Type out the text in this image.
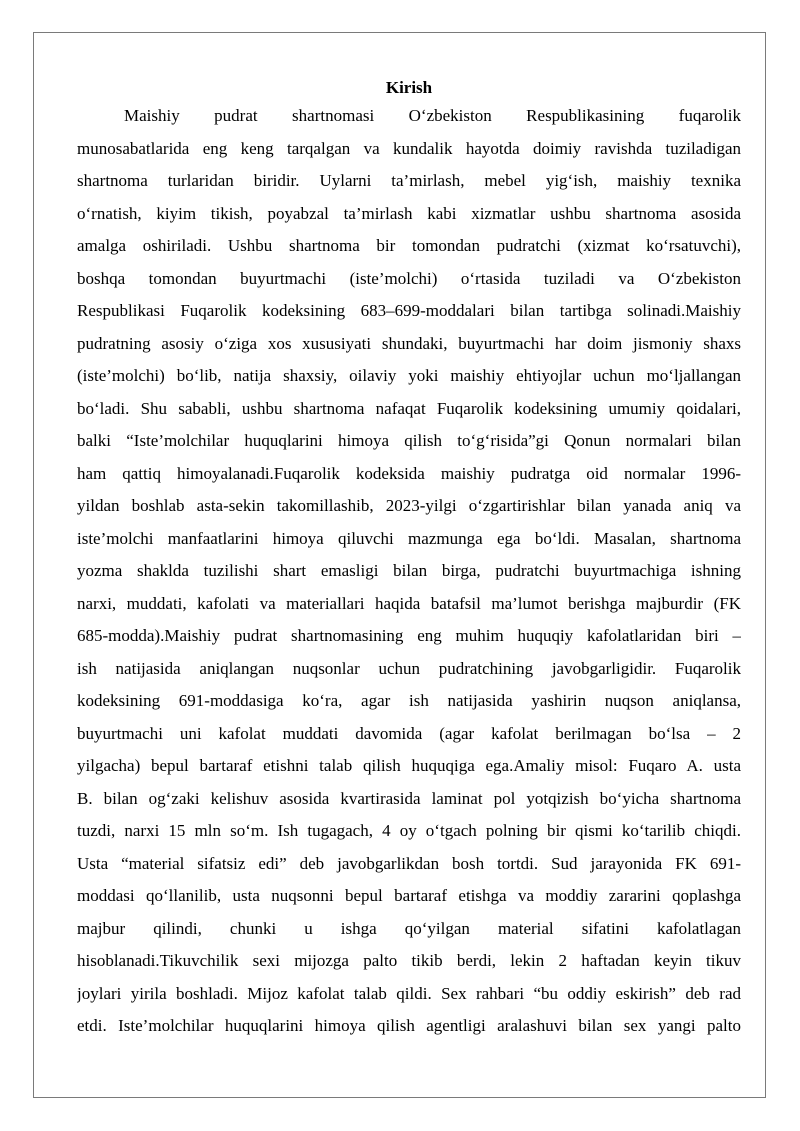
Kirish
Maishiy pudrat shartnomasi O‘zbekiston Respublikasining fuqarolik
munosabatlarida eng keng tarqalgan va kundalik hayotda doimiy ravishda tuziladigan
shartnoma turlaridan biridir. Uylarni ta’mirlash, mebel yig‘ish, maishiy texnika
o‘rnatish, kiyim tikish, poyabzal ta’mirlash kabi xizmatlar ushbu shartnoma asosida
amalga oshiriladi. Ushbu shartnoma bir tomondan pudratchi (xizmat ko‘rsatuvchi),
boshqa tomondan buyurtmachi (iste’molchi) o‘rtasida tuziladi va O‘zbekiston
Respublikasi Fuqarolik kodeksining 683–699-moddalari bilan tartibga solinadi.Maishiy
pudratning asosiy o‘ziga xos xususiyati shundaki, buyurtmachi har doim jismoniy shaxs
(iste’molchi) bo‘lib, natija shaxsiy, oilaviy yoki maishiy ehtiyojlar uchun mo‘ljallangan
bo‘ladi. Shu sababli, ushbu shartnoma nafaqat Fuqarolik kodeksining umumiy qoidalari,
balki “Iste’molchilar huquqlarini himoya qilish to‘g‘risida”gi Qonun normalari bilan
ham qattiq himoyalanadi.Fuqarolik kodeksida maishiy pudratga oid normalar 1996-
yildan boshlab asta-sekin takomillashib, 2023-yilgi o‘zgartirishlar bilan yanada aniq va
iste’molchi manfaatlarini himoya qiluvchi mazmunga ega bo‘ldi. Masalan, shartnoma
yozma shaklda tuzilishi shart emasligi bilan birga, pudratchi buyurtmachiga ishning
narxi, muddati, kafolati va materiallari haqida batafsil ma’lumot berishga majburdir (FK
685-modda).Maishiy pudrat shartnomasining eng muhim huquqiy kafolatlaridan biri –
ish natijasida aniqlangan nuqsonlar uchun pudratchining javobgarligidir. Fuqarolik
kodeksining 691-moddasiga ko‘ra, agar ish natijasida yashirin nuqson aniqlansa,
buyurtmachi uni kafolat muddati davomida (agar kafolat berilmagan bo‘lsa – 2
yilgacha) bepul bartaraf etishni talab qilish huquqiga ega.Amaliy misol: Fuqaro A. usta
B. bilan og‘zaki kelishuv asosida kvartirasida laminat pol yotqizish bo‘yicha shartnoma
tuzdi, narxi 15 mln so‘m. Ish tugagach, 4 oy o‘tgach polning bir qismi ko‘tarilib chiqdi.
Usta “material sifatsiz edi” deb javobgarlikdan bosh tortdi. Sud jarayonida FK 691-
moddasi qo‘llanilib, usta nuqsonni bepul bartaraf etishga va moddiy zararini qoplashga
majbur qilindi, chunki u ishga qo‘yilgan material sifatini kafolatlagan
hisoblanadi.Tikuvchilik sexi mijozga palto tikib berdi, lekin 2 haftadan keyin tikuv
joylari yirila boshladi. Mijoz kafolat talab qildi. Sex rahbari “bu oddiy eskirish” deb rad
etdi. Iste’molchilar huquqlarini himoya qilish agentligi aralashuvi bilan sex yangi palto
